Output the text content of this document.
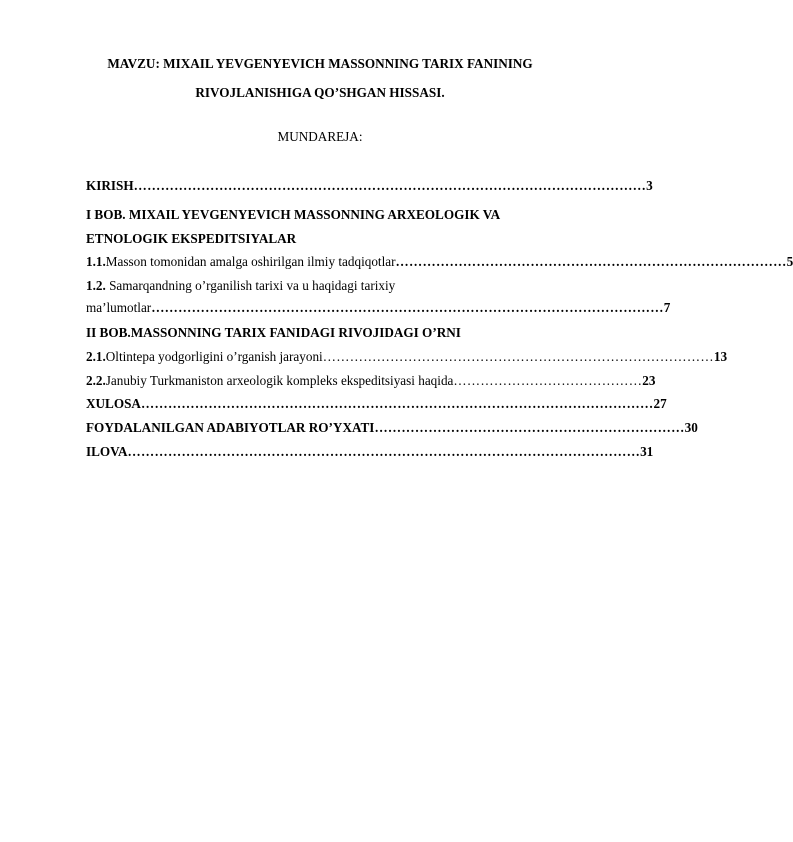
MAVZU: MIXAIL YEVGENYEVICH MASSONNING TARIX FANINING
RIVOJLANISHIGA QO’SHGAN HISSASI.
MUNDAREJA:
KIRISH …………………………………………………………………………………………………… 3
I BOB. MIXAIL YEVGENYEVICH MASSONNING ARXEOLOGIK VA
ETNOLOGIK EKSPEDITSIYALAR
1.1. Masson tomonidan amalga oshirilgan ilmiy tadqiqotlar …………………………………………………………………………… 5
1.2. Samarqandning o’rganilish tarixi va u haqidagi tarixiy
ma’lumotlar …………………………………………………………………………………………………… 7
II BOB.MASSONNING TARIX FANIDAGI RIVOJIDAGI O’RNI
2.1. Oltintepa yodgorligini o’rganish jarayoni …………………………………………………………………………… 13
2.2. Janubiy Turkmaniston arxeologik kompleks ekspeditsiyasi haqida …………………………………… 23
XULOSA …………………………………………………………………………………………………… 27
FOYDALANILGAN ADABIYOTLAR RO’YXATI …………………………………………………………… 30
ILOVA …………………………………………………………………………………………………… 31
